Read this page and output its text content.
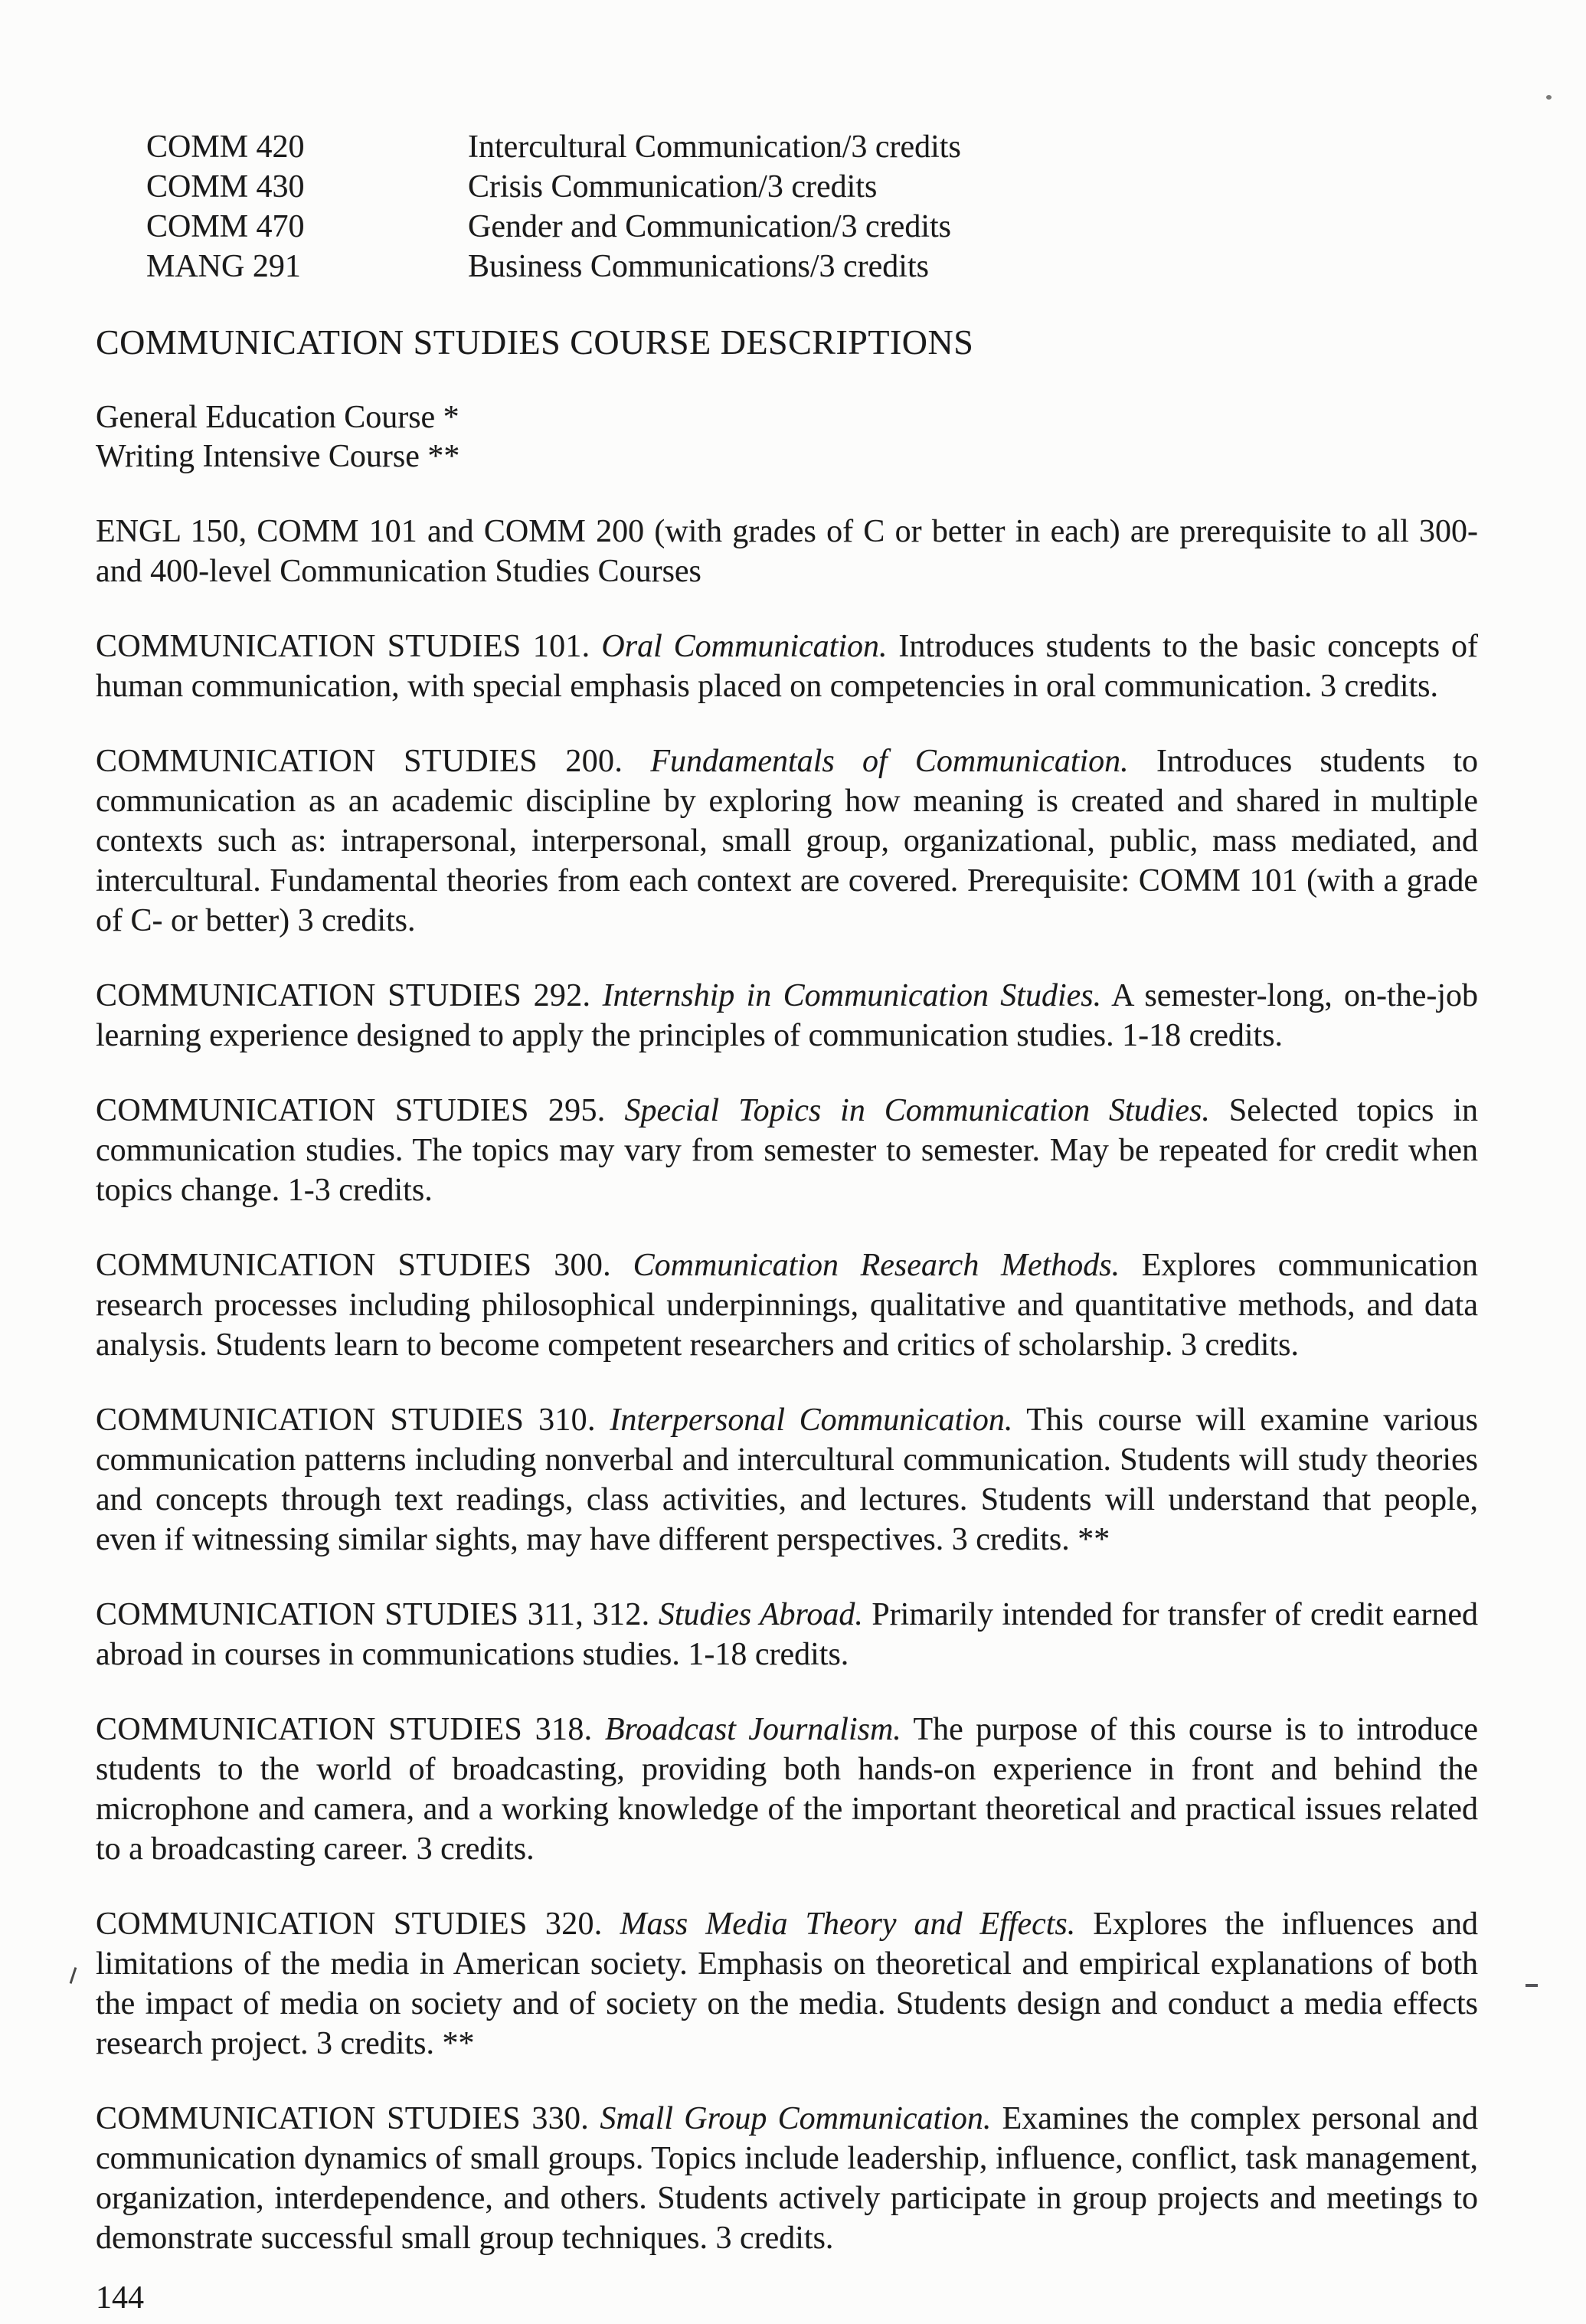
COMM 420	Intercultural Communication/3 credits
COMM 430	Crisis Communication/3 credits
COMM 470	Gender and Communication/3 credits
MANG 291	Business Communications/3 credits
COMMUNICATION STUDIES COURSE DESCRIPTIONS
General Education Course *
Writing Intensive Course **

ENGL 150, COMM 101 and COMM 200 (with grades of C or better in each) are prerequisite to all 300- and 400-level Communication Studies Courses

COMMUNICATION STUDIES 101. Oral Communication. Introduces students to the basic concepts of human communication, with special emphasis placed on competencies in oral communication. 3 credits.

COMMUNICATION STUDIES 200. Fundamentals of Communication. Introduces students to communication as an academic discipline by exploring how meaning is created and shared in multiple contexts such as: intrapersonal, interpersonal, small group, organizational, public, mass mediated, and intercultural. Fundamental theories from each context are covered. Prerequisite: COMM 101 (with a grade of C- or better) 3 credits.

COMMUNICATION STUDIES 292. Internship in Communication Studies. A semester-long, on-the-job learning experience designed to apply the principles of communication studies. 1-18 credits.

COMMUNICATION STUDIES 295. Special Topics in Communication Studies. Selected topics in communication studies. The topics may vary from semester to semester. May be repeated for credit when topics change. 1-3 credits.

COMMUNICATION STUDIES 300. Communication Research Methods. Explores communication research processes including philosophical underpinnings, qualitative and quantitative methods, and data analysis. Students learn to become competent researchers and critics of scholarship. 3 credits.

COMMUNICATION STUDIES 310. Interpersonal Communication. This course will examine various communication patterns including nonverbal and intercultural communication. Students will study theories and concepts through text readings, class activities, and lectures. Students will understand that people, even if witnessing similar sights, may have different perspectives. 3 credits. **

COMMUNICATION STUDIES 311, 312. Studies Abroad. Primarily intended for transfer of credit earned abroad in courses in communications studies. 1-18 credits.

COMMUNICATION STUDIES 318. Broadcast Journalism. The purpose of this course is to introduce students to the world of broadcasting, providing both hands-on experience in front and behind the microphone and camera, and a working knowledge of the important theoretical and practical issues related to a broadcasting career. 3 credits.

COMMUNICATION STUDIES 320. Mass Media Theory and Effects. Explores the influences and limitations of the media in American society. Emphasis on theoretical and empirical explanations of both the impact of media on society and of society on the media. Students design and conduct a media effects research project. 3 credits. **

COMMUNICATION STUDIES 330. Small Group Communication. Examines the complex personal and communication dynamics of small groups. Topics include leadership, influence, conflict, task management, organization, interdependence, and others. Students actively participate in group projects and meetings to demonstrate successful small group techniques. 3 credits.

144
